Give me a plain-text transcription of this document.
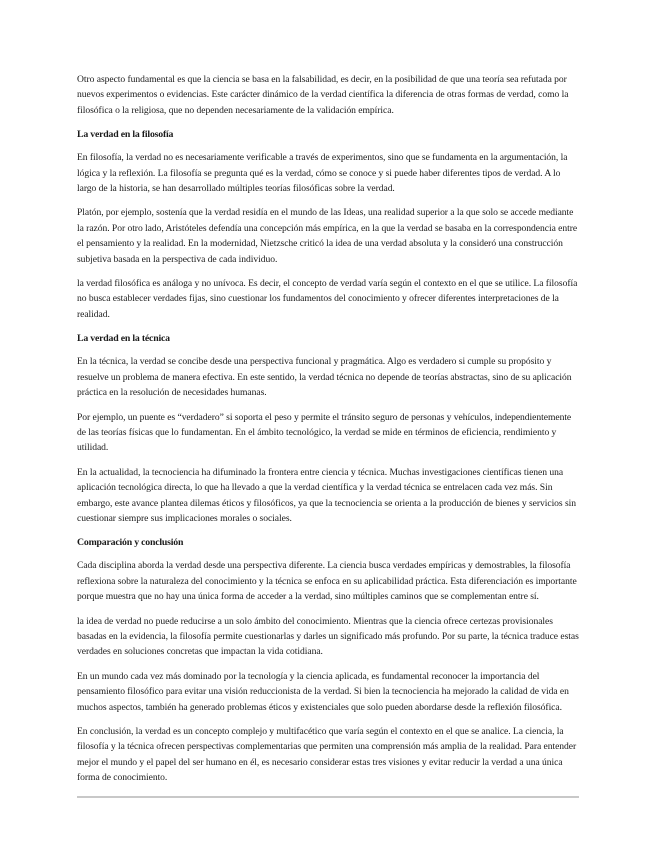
Otro aspecto fundamental es que la ciencia se basa en la falsabilidad, es decir, en la posibilidad de que una teoría sea refutada por nuevos experimentos o evidencias. Este carácter dinámico de la verdad científica la diferencia de otras formas de verdad, como la filosófica o la religiosa, que no dependen necesariamente de la validación empírica.

La verdad en la filosofía

En filosofía, la verdad no es necesariamente verificable a través de experimentos, sino que se fundamenta en la argumentación, la lógica y la reflexión. La filosofía se pregunta qué es la verdad, cómo se conoce y si puede haber diferentes tipos de verdad. A lo largo de la historia, se han desarrollado múltiples teorías filosóficas sobre la verdad.

Platón, por ejemplo, sostenía que la verdad residía en el mundo de las Ideas, una realidad superior a la que solo se accede mediante la razón. Por otro lado, Aristóteles defendía una concepción más empírica, en la que la verdad se basaba en la correspondencia entre el pensamiento y la realidad. En la modernidad, Nietzsche criticó la idea de una verdad absoluta y la consideró una construcción subjetiva basada en la perspectiva de cada individuo.

la verdad filosófica es análoga y no unívoca. Es decir, el concepto de verdad varía según el contexto en el que se utilice. La filosofía no busca establecer verdades fijas, sino cuestionar los fundamentos del conocimiento y ofrecer diferentes interpretaciones de la realidad.

La verdad en la técnica

En la técnica, la verdad se concibe desde una perspectiva funcional y pragmática. Algo es verdadero si cumple su propósito y resuelve un problema de manera efectiva. En este sentido, la verdad técnica no depende de teorías abstractas, sino de su aplicación práctica en la resolución de necesidades humanas.

Por ejemplo, un puente es “verdadero” si soporta el peso y permite el tránsito seguro de personas y vehículos, independientemente de las teorías físicas que lo fundamentan. En el ámbito tecnológico, la verdad se mide en términos de eficiencia, rendimiento y utilidad.

En la actualidad, la tecnociencia ha difuminado la frontera entre ciencia y técnica. Muchas investigaciones científicas tienen una aplicación tecnológica directa, lo que ha llevado a que la verdad científica y la verdad técnica se entrelacen cada vez más. Sin embargo, este avance plantea dilemas éticos y filosóficos, ya que la tecnociencia se orienta a la producción de bienes y servicios sin cuestionar siempre sus implicaciones morales o sociales.

Comparación y conclusión

Cada disciplina aborda la verdad desde una perspectiva diferente. La ciencia busca verdades empíricas y demostrables, la filosofía reflexiona sobre la naturaleza del conocimiento y la técnica se enfoca en su aplicabilidad práctica. Esta diferenciación es importante porque muestra que no hay una única forma de acceder a la verdad, sino múltiples caminos que se complementan entre sí.

la idea de verdad no puede reducirse a un solo ámbito del conocimiento. Mientras que la ciencia ofrece certezas provisionales basadas en la evidencia, la filosofía permite cuestionarlas y darles un significado más profundo. Por su parte, la técnica traduce estas verdades en soluciones concretas que impactan la vida cotidiana.

En un mundo cada vez más dominado por la tecnología y la ciencia aplicada, es fundamental reconocer la importancia del pensamiento filosófico para evitar una visión reduccionista de la verdad. Si bien la tecnociencia ha mejorado la calidad de vida en muchos aspectos, también ha generado problemas éticos y existenciales que solo pueden abordarse desde la reflexión filosófica.

En conclusión, la verdad es un concepto complejo y multifacético que varía según el contexto en el que se analice. La ciencia, la filosofía y la técnica ofrecen perspectivas complementarias que permiten una comprensión más amplia de la realidad. Para entender mejor el mundo y el papel del ser humano en él, es necesario considerar estas tres visiones y evitar reducir la verdad a una única forma de conocimiento.
